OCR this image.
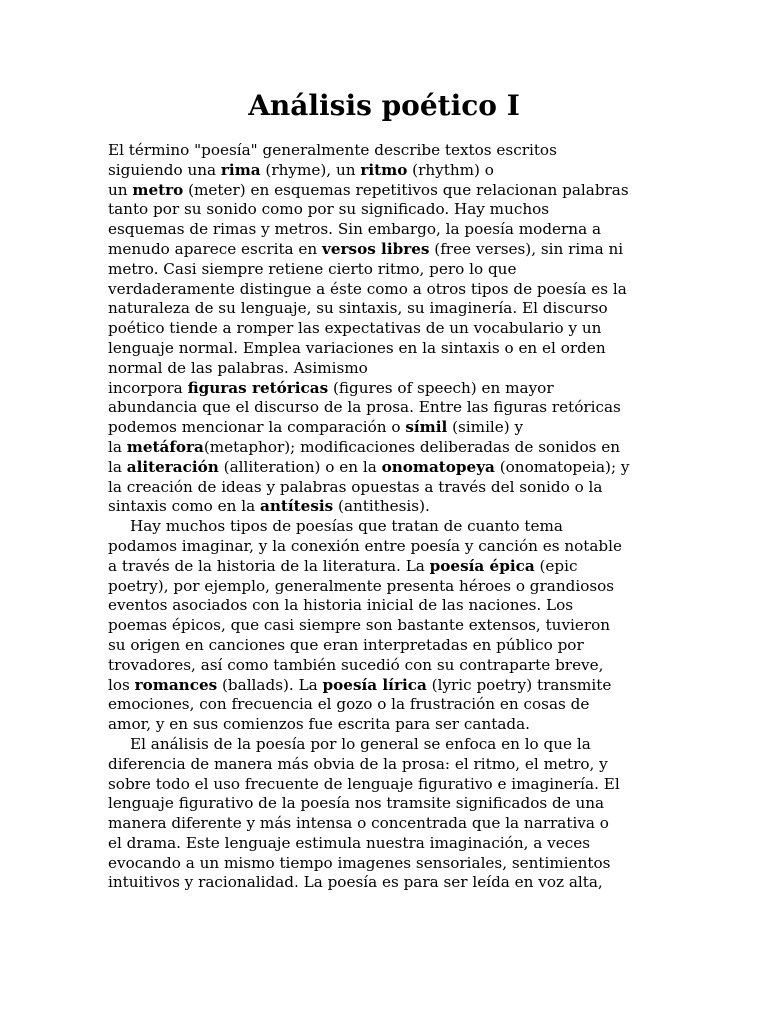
Análisis poético I
El término "poesía" generalmente describe textos escritos
siguiendo una rima (rhyme), un ritmo (rhythm) o
un metro (meter) en esquemas repetitivos que relacionan palabras
tanto por su sonido como por su significado. Hay muchos
esquemas de rimas y metros. Sin embargo, la poesía moderna a
menudo aparece escrita en versos libres (free verses), sin rima ni
metro. Casi siempre retiene cierto ritmo, pero lo que
verdaderamente distingue a éste como a otros tipos de poesía es la
naturaleza de su lenguaje, su sintaxis, su imaginería. El discurso
poético tiende a romper las expectativas de un vocabulario y un
lenguaje normal. Emplea variaciones en la sintaxis o en el orden
normal de las palabras. Asimismo
incorpora figuras retóricas (figures of speech) en mayor
abundancia que el discurso de la prosa. Entre las figuras retóricas
podemos mencionar la comparación o símil (simile) y
la metáfora(metaphor); modificaciones deliberadas de sonidos en
la aliteración (alliteration) o en la onomatopeya (onomatopeia); y
la creación de ideas y palabras opuestas a través del sonido o la
sintaxis como en la antítesis (antithesis).
Hay muchos tipos de poesías que tratan de cuanto tema
podamos imaginar, y la conexión entre poesía y canción es notable
a través de la historia de la literatura. La poesía épica (epic
poetry), por ejemplo, generalmente presenta héroes o grandiosos
eventos asociados con la historia inicial de las naciones. Los
poemas épicos, que casi siempre son bastante extensos, tuvieron
su origen en canciones que eran interpretadas en público por
trovadores, así como también sucedió con su contraparte breve,
los romances (ballads). La poesía lírica (lyric poetry) transmite
emociones, con frecuencia el gozo o la frustración en cosas de
amor, y en sus comienzos fue escrita para ser cantada.
El análisis de la poesía por lo general se enfoca en lo que la
diferencia de manera más obvia de la prosa: el ritmo, el metro, y
sobre todo el uso frecuente de lenguaje figurativo e imaginería. El
lenguaje figurativo de la poesía nos tramsite significados de una
manera diferente y más intensa o concentrada que la narrativa o
el drama. Este lenguaje estimula nuestra imaginación, a veces
evocando a un mismo tiempo imagenes sensoriales, sentimientos
intuitivos y racionalidad. La poesía es para ser leída en voz alta,
